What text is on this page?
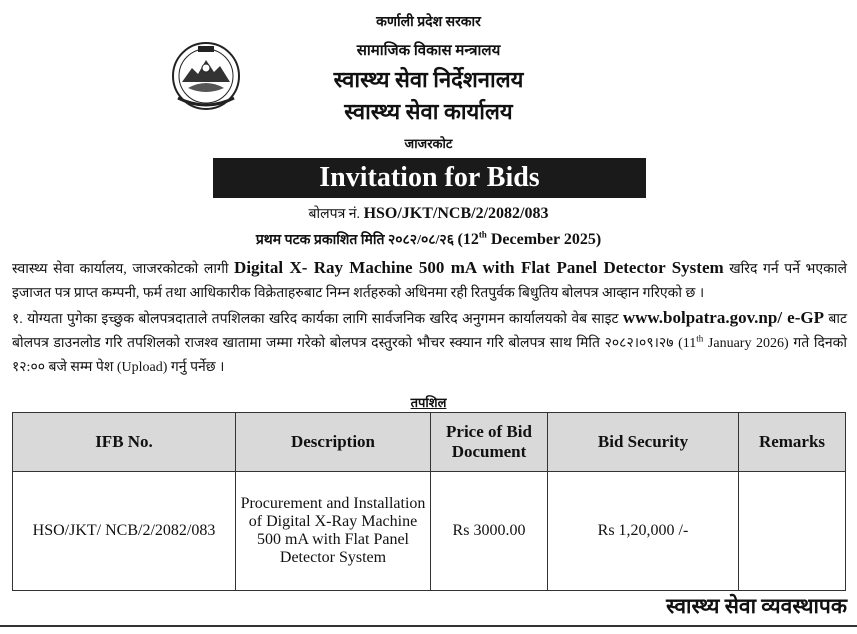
कर्णाली प्रदेश सरकार
सामाजिक विकास मन्त्रालय
स्वास्थ्य सेवा निर्देशनालय
स्वास्थ्य सेवा कार्यालय
जाजरकोट
Invitation for Bids
बोलपत्र नं. HSO/JKT/NCB/2/2082/083
प्रथम पटक प्रकाशित मिति २०८२/०८/२६ (12th December 2025)
स्वास्थ्य सेवा कार्यालय, जाजरकोटको लागी Digital X- Ray Machine 500 mA with Flat Panel Detector System खरिद गर्न पर्ने भएकाले इजाजत पत्र प्राप्त कम्पनी, फर्म तथा आधिकारीक विक्रेताहरुबाट निम्न शर्तहरुको अधिनमा रही रितपुर्वक बिधुतिय बोलपत्र आव्हान गरिएको छ ।
१. योग्यता पुगेका इच्छुक बोलपत्रदाताले तपशिलका खरिद कार्यका लागि सार्वजनिक खरिद अनुगमन कार्यालयको वेब साइट www.bolpatra.gov.np/ e-GP बाट बोलपत्र डाउनलोड गरि तपशिलको राजश्व खातामा जम्मा गरेको बोलपत्र दस्तुरको भौचर स्क्यान गरि बोलपत्र साथ मिति २०८२।०९।२७ (11th January 2026) गते दिनको १२:०० बजे सम्म पेश (Upload) गर्नु पर्नेछ ।
तपशिल
IFB No.	Description	Price of Bid Document	Bid Security	Remarks
HSO/JKT/ NCB/2/2082/083	Procurement and Installation of Digital X-Ray Machine 500 mA with Flat Panel Detector System	Rs 3000.00	Rs 1,20,000 /-	
स्वास्थ्य सेवा व्यवस्थापक
